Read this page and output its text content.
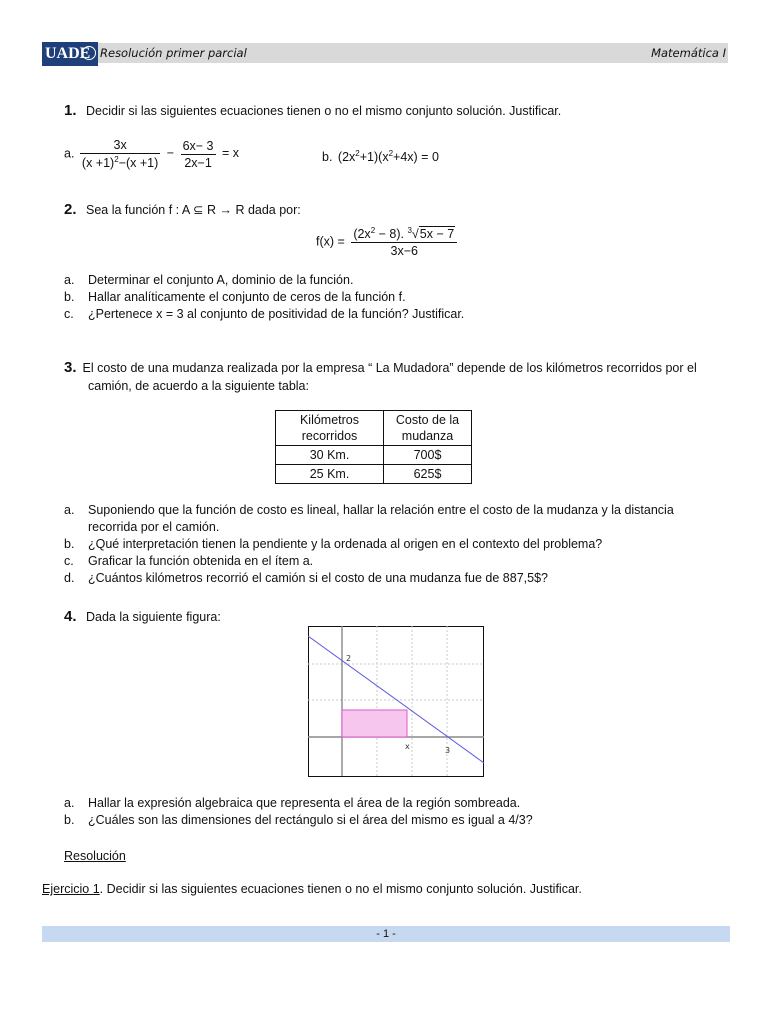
UADE Resolución primer parcial	Matemática I
1. Decidir si las siguientes ecuaciones tienen o no el mismo conjunto solución. Justificar.
a. $\frac{3x}{(x +1)^2-(x +1)} - \frac{6x- 3}{2x-1} = x$	b. $(2x^2+1)(x^2+4x) = 0$
2. Sea la función f : A ⊆ R → R dada por:
$f(x) = \frac{(2x^2 - 8). ^3√5x - 7}{3x-6}$
a. Determinar el conjunto A, dominio de la función.
b. Hallar analíticamente el conjunto de ceros de la función f.
c. ¿Pertenece x = 3 al conjunto de positividad de la función? Justificar.
3. El costo de una mudanza realizada por la empresa “ La Mudadora” depende de los kilómetros recorridos por el
camión, de acuerdo a la siguiente tabla:
Kilómetros
recorridos	Costo de la
mudanza
30 Km.	700$
25 Km.	625$
a. Suponiendo que la función de costo es lineal, hallar la relación entre el costo de la mudanza y la distancia
recorrida por el camión.
b. ¿Qué interpretación tienen la pendiente y la ordenada al origen en el contexto del problema?
c. Graficar la función obtenida en el ítem a.
d. ¿Cuántos kilómetros recorrió el camión si el costo de una mudanza fue de 887,5$?
4. Dada la siguiente figura:
2
x	3
a. Hallar la expresión algebraica que representa el área de la región sombreada.
b. ¿Cuáles son las dimensiones del rectángulo si el área del mismo es igual a 4/3?
Resolución
Ejercicio 1. Decidir si las siguientes ecuaciones tienen o no el mismo conjunto solución. Justificar.
- 1 -
